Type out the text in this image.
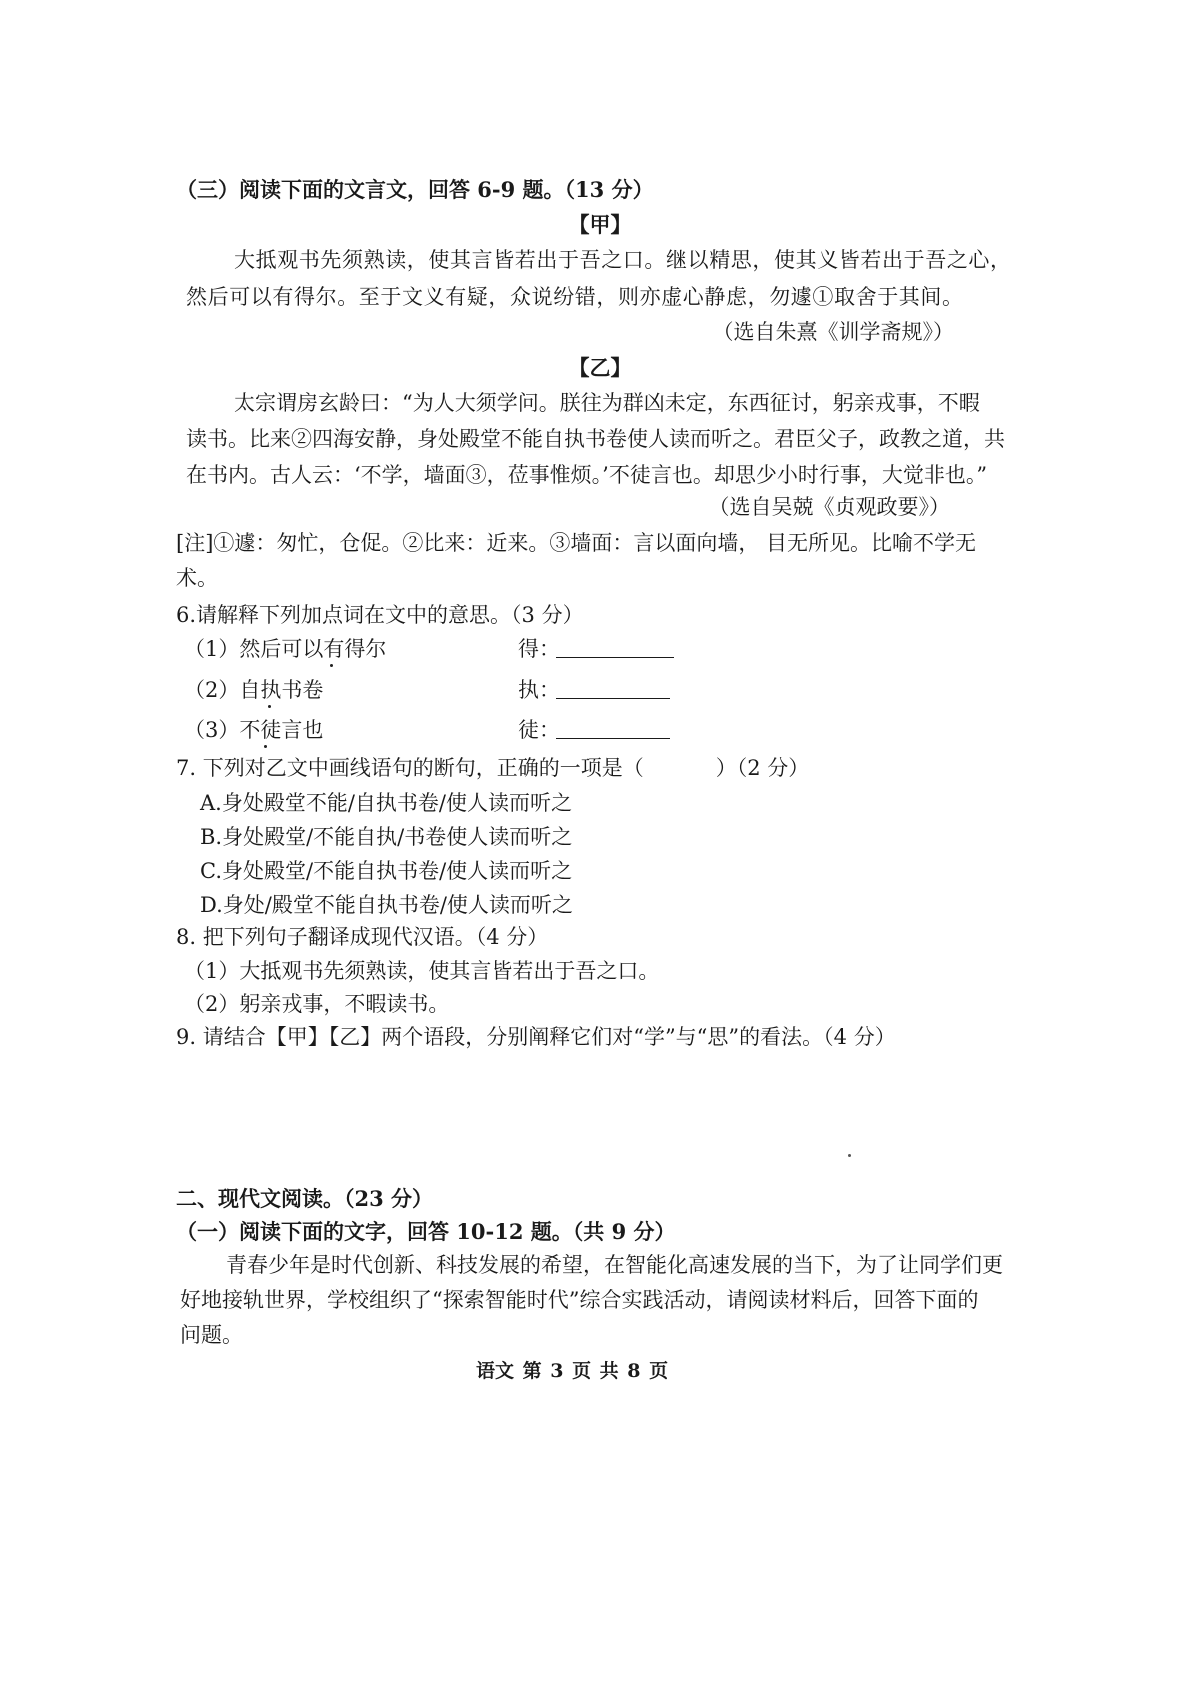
（三）阅读下面的文言文，回答 6-9 题。（13 分）
【甲】
大抵观书先须熟读，使其言皆若出于吾之口。继以精思，使其义皆若出于吾之心，
然后可以有得尔。至于文义有疑，众说纷错，则亦虚心静虑，勿遽①取舍于其间。
（选自朱熹《训学斋规》）
【乙】
太宗谓房玄龄曰：“为人大须学问。朕往为群凶未定，东西征讨，躬亲戎事，不暇
读书。比来②四海安静，身处殿堂不能自执书卷使人读而听之。君臣父子，政教之道，共
在书内。古人云：‘不学，墙面③，莅事惟烦。’不徒言也。却思少小时行事，大觉非也。”
（选自吴兢《贞观政要》）
[注]①遽：匆忙，仓促。②比来：近来。③墙面：言以面向墙， 目无所见。比喻不学无
术。
6.请解释下列加点词在文中的意思。（3 分）
（1）然后可以有得尔	得：
（2）自执书卷	执：
（3）不徒言也	徒：
7. 下列对乙文中画线语句的断句，正确的一项是（	）（2 分）
A.身处殿堂不能/自执书卷/使人读而听之
B.身处殿堂/不能自执/书卷使人读而听之
C.身处殿堂/不能自执书卷/使人读而听之
D.身处/殿堂不能自执书卷/使人读而听之
8. 把下列句子翻译成现代汉语。（4 分）
（1）大抵观书先须熟读，使其言皆若出于吾之口。
（2）躬亲戎事，不暇读书。
9. 请结合【甲】【乙】两个语段，分别阐释它们对“学”与“思”的看法。（4 分）
二、现代文阅读。（23 分）
（一）阅读下面的文字，回答 10-12 题。（共 9 分）
青春少年是时代创新、科技发展的希望，在智能化高速发展的当下，为了让同学们更
好地接轨世界，学校组织了“探索智能时代”综合实践活动，请阅读材料后，回答下面的
问题。
语文 第 3 页 共 8 页
